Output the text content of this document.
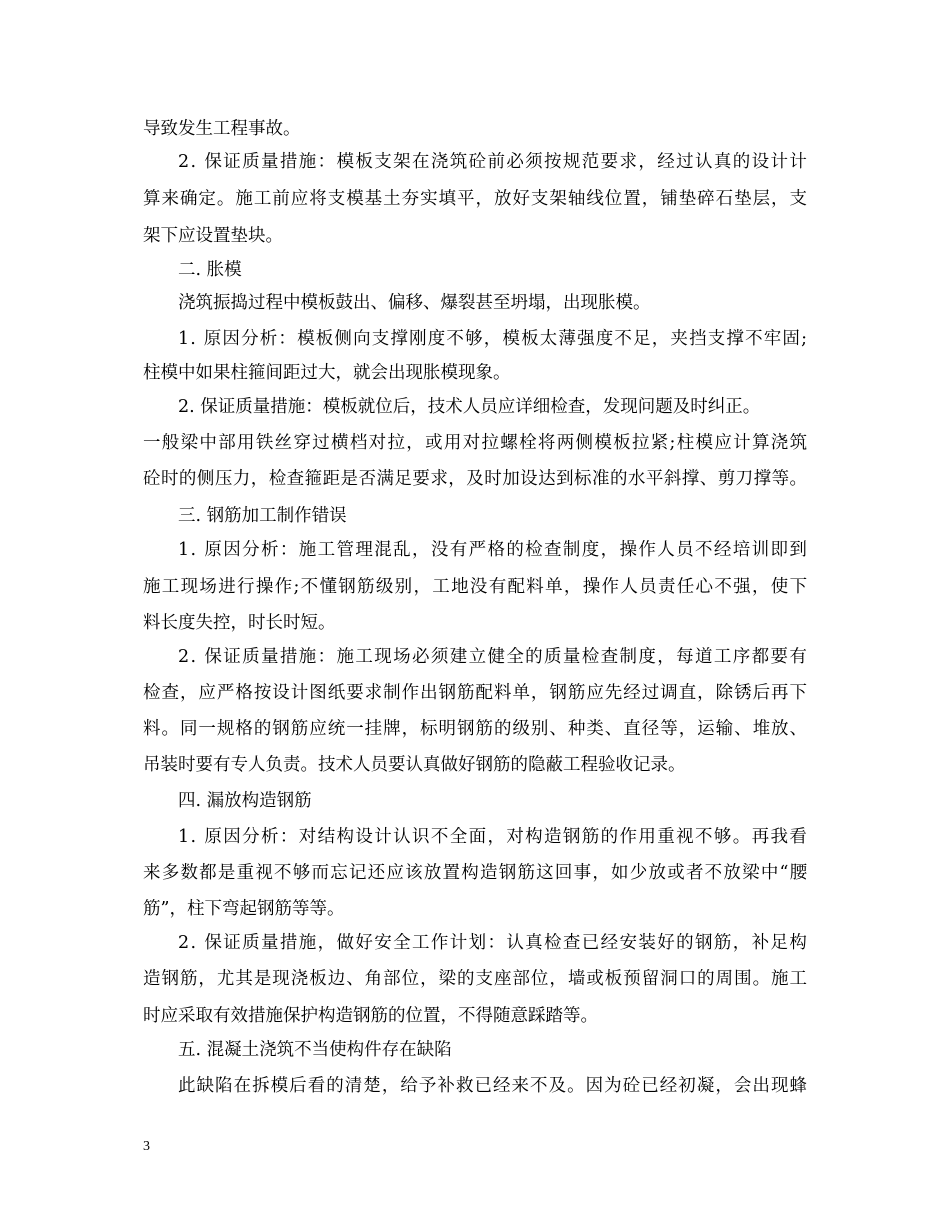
导致发生工程事故。
2. 保证质量措施：模板支架在浇筑砼前必须按规范要求，经过认真的设计计
算来确定。施工前应将支模基土夯实填平，放好支架轴线位置，铺垫碎石垫层，支
架下应设置垫块。
二. 胀模
浇筑振捣过程中模板鼓出、偏移、爆裂甚至坍塌，出现胀模。
1. 原因分析：模板侧向支撑刚度不够，模板太薄强度不足，夹挡支撑不牢固;
柱模中如果柱箍间距过大，就会出现胀模现象。
2. 保证质量措施：模板就位后，技术人员应详细检查，发现问题及时纠正。
一般梁中部用铁丝穿过横档对拉，或用对拉螺栓将两侧模板拉紧;柱模应计算浇筑
砼时的侧压力，检查箍距是否满足要求，及时加设达到标准的水平斜撑、剪刀撑等。
三. 钢筋加工制作错误
1. 原因分析：施工管理混乱，没有严格的检查制度，操作人员不经培训即到
施工现场进行操作;不懂钢筋级别，工地没有配料单，操作人员责任心不强，使下
料长度失控，时长时短。
2. 保证质量措施：施工现场必须建立健全的质量检查制度，每道工序都要有
检查，应严格按设计图纸要求制作出钢筋配料单，钢筋应先经过调直，除锈后再下
料。同一规格的钢筋应统一挂牌，标明钢筋的级别、种类、直径等，运输、堆放、
吊装时要有专人负责。技术人员要认真做好钢筋的隐蔽工程验收记录。
四. 漏放构造钢筋
1. 原因分析：对结构设计认识不全面，对构造钢筋的作用重视不够。再我看
来多数都是重视不够而忘记还应该放置构造钢筋这回事，如少放或者不放梁中“腰
筋”，柱下弯起钢筋等等。
2. 保证质量措施，做好安全工作计划：认真检查已经安装好的钢筋，补足构
造钢筋，尤其是现浇板边、角部位，梁的支座部位，墙或板预留洞口的周围。施工
时应采取有效措施保护构造钢筋的位置，不得随意踩踏等。
五. 混凝土浇筑不当使构件存在缺陷
此缺陷在拆模后看的清楚，给予补救已经来不及。因为砼已经初凝，会出现蜂
3
